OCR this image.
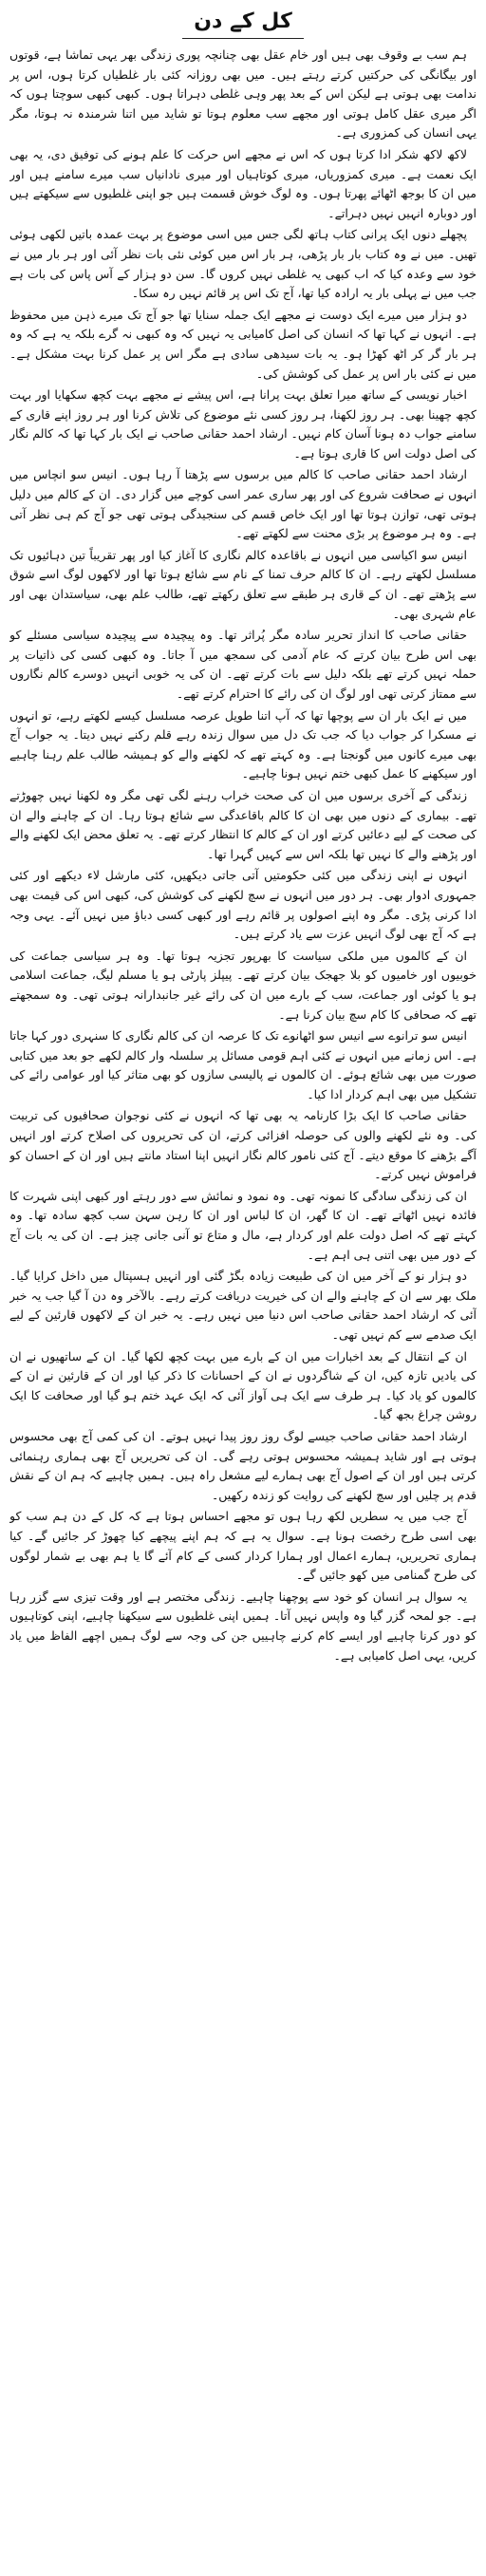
کل کے دن

ہم سب بے وقوف بھی ہیں اور خام عقل بھی چنانچہ پوری زندگی بھر یہی تماشا ہے، قوتوں اور بیگانگی کی حرکتیں کرتے رہتے ہیں۔ میں بھی روزانہ کئی بار غلطیاں کرتا ہوں، اس پر ندامت بھی ہوتی ہے لیکن اس کے بعد پھر وہی غلطی دہراتا ہوں۔ کبھی کبھی سوچتا ہوں کہ اگر میری عقل کامل ہوتی اور مجھے سب معلوم ہوتا تو شاید میں اتنا شرمندہ نہ ہوتا، مگر یہی انسان کی کمزوری ہے۔

لاکھ لاکھ شکر ادا کرتا ہوں کہ اس نے مجھے اس حرکت کا علم ہونے کی توفیق دی، یہ بھی ایک نعمت ہے۔ میری کمزوریاں، میری کوتاہیاں اور میری نادانیاں سب میرے سامنے ہیں اور میں ان کا بوجھ اٹھائے پھرتا ہوں۔ وہ لوگ خوش قسمت ہیں جو اپنی غلطیوں سے سیکھتے ہیں اور دوبارہ انہیں نہیں دہراتے۔

پچھلے دنوں ایک پرانی کتاب ہاتھ لگی جس میں اسی موضوع پر بہت عمدہ باتیں لکھی ہوئی تھیں۔ میں نے وہ کتاب بار بار پڑھی، ہر بار اس میں کوئی نئی بات نظر آئی اور ہر بار میں نے خود سے وعدہ کیا کہ اب کبھی یہ غلطی نہیں کروں گا۔ سن دو ہزار کے آس پاس کی بات ہے جب میں نے پہلی بار یہ ارادہ کیا تھا، آج تک اس پر قائم نہیں رہ سکا۔

دو ہزار میں میرے ایک دوست نے مجھے ایک جملہ سنایا تھا جو آج تک میرے ذہن میں محفوظ ہے۔ انہوں نے کہا تھا کہ انسان کی اصل کامیابی یہ نہیں کہ وہ کبھی نہ گرے بلکہ یہ ہے کہ وہ ہر بار گر کر اٹھ کھڑا ہو۔ یہ بات سیدھی سادی ہے مگر اس پر عمل کرنا بہت مشکل ہے۔ میں نے کئی بار اس پر عمل کی کوشش کی۔

اخبار نویسی کے ساتھ میرا تعلق بہت پرانا ہے، اس پیشے نے مجھے بہت کچھ سکھایا اور بہت کچھ چھینا بھی۔ ہر روز لکھنا، ہر روز کسی نئے موضوع کی تلاش کرنا اور ہر روز اپنے قاری کے سامنے جواب دہ ہونا آسان کام نہیں۔ ارشاد احمد حقانی صاحب نے ایک بار کہا تھا کہ کالم نگار کی اصل دولت اس کا قاری ہوتا ہے۔

ارشاد احمد حقانی صاحب کا کالم میں برسوں سے پڑھتا آ رہا ہوں۔ انیس سو انچاس میں انہوں نے صحافت شروع کی اور پھر ساری عمر اسی کوچے میں گزار دی۔ ان کے کالم میں دلیل ہوتی تھی، توازن ہوتا تھا اور ایک خاص قسم کی سنجیدگی ہوتی تھی جو آج کم ہی نظر آتی ہے۔ وہ ہر موضوع پر بڑی محنت سے لکھتے تھے۔

انیس سو اکیاسی میں انہوں نے باقاعدہ کالم نگاری کا آغاز کیا اور پھر تقریباً تین دہائیوں تک مسلسل لکھتے رہے۔ ان کا کالم حرف تمنا کے نام سے شائع ہوتا تھا اور لاکھوں لوگ اسے شوق سے پڑھتے تھے۔ ان کے قاری ہر طبقے سے تعلق رکھتے تھے، طالب علم بھی، سیاستدان بھی اور عام شہری بھی۔

حقانی صاحب کا انداز تحریر سادہ مگر پُراثر تھا۔ وہ پیچیدہ سے پیچیدہ سیاسی مسئلے کو بھی اس طرح بیان کرتے کہ عام آدمی کی سمجھ میں آ جاتا۔ وہ کبھی کسی کی ذاتیات پر حملہ نہیں کرتے تھے بلکہ دلیل سے بات کرتے تھے۔ ان کی یہ خوبی انہیں دوسرے کالم نگاروں سے ممتاز کرتی تھی اور لوگ ان کی رائے کا احترام کرتے تھے۔

میں نے ایک بار ان سے پوچھا تھا کہ آپ اتنا طویل عرصہ مسلسل کیسے لکھتے رہے، تو انہوں نے مسکرا کر جواب دیا کہ جب تک دل میں سوال زندہ رہے قلم رکنے نہیں دیتا۔ یہ جواب آج بھی میرے کانوں میں گونجتا ہے۔ وہ کہتے تھے کہ لکھنے والے کو ہمیشہ طالب علم رہنا چاہیے اور سیکھنے کا عمل کبھی ختم نہیں ہونا چاہیے۔

زندگی کے آخری برسوں میں ان کی صحت خراب رہنے لگی تھی مگر وہ لکھنا نہیں چھوڑتے تھے۔ بیماری کے دنوں میں بھی ان کا کالم باقاعدگی سے شائع ہوتا رہا۔ ان کے چاہنے والے ان کی صحت کے لیے دعائیں کرتے اور ان کے کالم کا انتظار کرتے تھے۔ یہ تعلق محض ایک لکھنے والے اور پڑھنے والے کا نہیں تھا بلکہ اس سے کہیں گہرا تھا۔

انہوں نے اپنی زندگی میں کئی حکومتیں آتی جاتی دیکھیں، کئی مارشل لاء دیکھے اور کئی جمہوری ادوار بھی۔ ہر دور میں انہوں نے سچ لکھنے کی کوشش کی، کبھی اس کی قیمت بھی ادا کرنی پڑی۔ مگر وہ اپنے اصولوں پر قائم رہے اور کبھی کسی دباؤ میں نہیں آئے۔ یہی وجہ ہے کہ آج بھی لوگ انہیں عزت سے یاد کرتے ہیں۔

ان کے کالموں میں ملکی سیاست کا بھرپور تجزیہ ہوتا تھا۔ وہ ہر سیاسی جماعت کی خوبیوں اور خامیوں کو بلا جھجک بیان کرتے تھے۔ پیپلز پارٹی ہو یا مسلم لیگ، جماعت اسلامی ہو یا کوئی اور جماعت، سب کے بارے میں ان کی رائے غیر جانبدارانہ ہوتی تھی۔ وہ سمجھتے تھے کہ صحافی کا کام سچ بیان کرنا ہے۔

انیس سو ترانوے سے انیس سو اٹھانوے تک کا عرصہ ان کی کالم نگاری کا سنہری دور کہا جاتا ہے۔ اس زمانے میں انہوں نے کئی اہم قومی مسائل پر سلسلہ وار کالم لکھے جو بعد میں کتابی صورت میں بھی شائع ہوئے۔ ان کالموں نے پالیسی سازوں کو بھی متاثر کیا اور عوامی رائے کی تشکیل میں بھی اہم کردار ادا کیا۔

حقانی صاحب کا ایک بڑا کارنامہ یہ بھی تھا کہ انہوں نے کئی نوجوان صحافیوں کی تربیت کی۔ وہ نئے لکھنے والوں کی حوصلہ افزائی کرتے، ان کی تحریروں کی اصلاح کرتے اور انہیں آگے بڑھنے کا موقع دیتے۔ آج کئی نامور کالم نگار انہیں اپنا استاد مانتے ہیں اور ان کے احسان کو فراموش نہیں کرتے۔

ان کی زندگی سادگی کا نمونہ تھی۔ وہ نمود و نمائش سے دور رہتے اور کبھی اپنی شہرت کا فائدہ نہیں اٹھاتے تھے۔ ان کا گھر، ان کا لباس اور ان کا رہن سہن سب کچھ سادہ تھا۔ وہ کہتے تھے کہ اصل دولت علم اور کردار ہے، مال و متاع تو آنی جانی چیز ہے۔ ان کی یہ بات آج کے دور میں بھی اتنی ہی اہم ہے۔

دو ہزار نو کے آخر میں ان کی طبیعت زیادہ بگڑ گئی اور انہیں ہسپتال میں داخل کرایا گیا۔ ملک بھر سے ان کے چاہنے والے ان کی خیریت دریافت کرتے رہے۔ بالآخر وہ دن آ گیا جب یہ خبر آئی کہ ارشاد احمد حقانی صاحب اس دنیا میں نہیں رہے۔ یہ خبر ان کے لاکھوں قارئین کے لیے ایک صدمے سے کم نہیں تھی۔

ان کے انتقال کے بعد اخبارات میں ان کے بارے میں بہت کچھ لکھا گیا۔ ان کے ساتھیوں نے ان کی یادیں تازہ کیں، ان کے شاگردوں نے ان کے احسانات کا ذکر کیا اور ان کے قارئین نے ان کے کالموں کو یاد کیا۔ ہر طرف سے ایک ہی آواز آئی کہ ایک عہد ختم ہو گیا اور صحافت کا ایک روشن چراغ بجھ گیا۔

ارشاد احمد حقانی صاحب جیسے لوگ روز روز پیدا نہیں ہوتے۔ ان کی کمی آج بھی محسوس ہوتی ہے اور شاید ہمیشہ محسوس ہوتی رہے گی۔ ان کی تحریریں آج بھی ہماری رہنمائی کرتی ہیں اور ان کے اصول آج بھی ہمارے لیے مشعل راہ ہیں۔ ہمیں چاہیے کہ ہم ان کے نقش قدم پر چلیں اور سچ لکھنے کی روایت کو زندہ رکھیں۔

آج جب میں یہ سطریں لکھ رہا ہوں تو مجھے احساس ہوتا ہے کہ کل کے دن ہم سب کو بھی اسی طرح رخصت ہونا ہے۔ سوال یہ ہے کہ ہم اپنے پیچھے کیا چھوڑ کر جائیں گے۔ کیا ہماری تحریریں، ہمارے اعمال اور ہمارا کردار کسی کے کام آئے گا یا ہم بھی بے شمار لوگوں کی طرح گمنامی میں کھو جائیں گے۔

یہ سوال ہر انسان کو خود سے پوچھنا چاہیے۔ زندگی مختصر ہے اور وقت تیزی سے گزر رہا ہے۔ جو لمحہ گزر گیا وہ واپس نہیں آتا۔ ہمیں اپنی غلطیوں سے سیکھنا چاہیے، اپنی کوتاہیوں کو دور کرنا چاہیے اور ایسے کام کرنے چاہییں جن کی وجہ سے لوگ ہمیں اچھے الفاظ میں یاد کریں، یہی اصل کامیابی ہے۔
